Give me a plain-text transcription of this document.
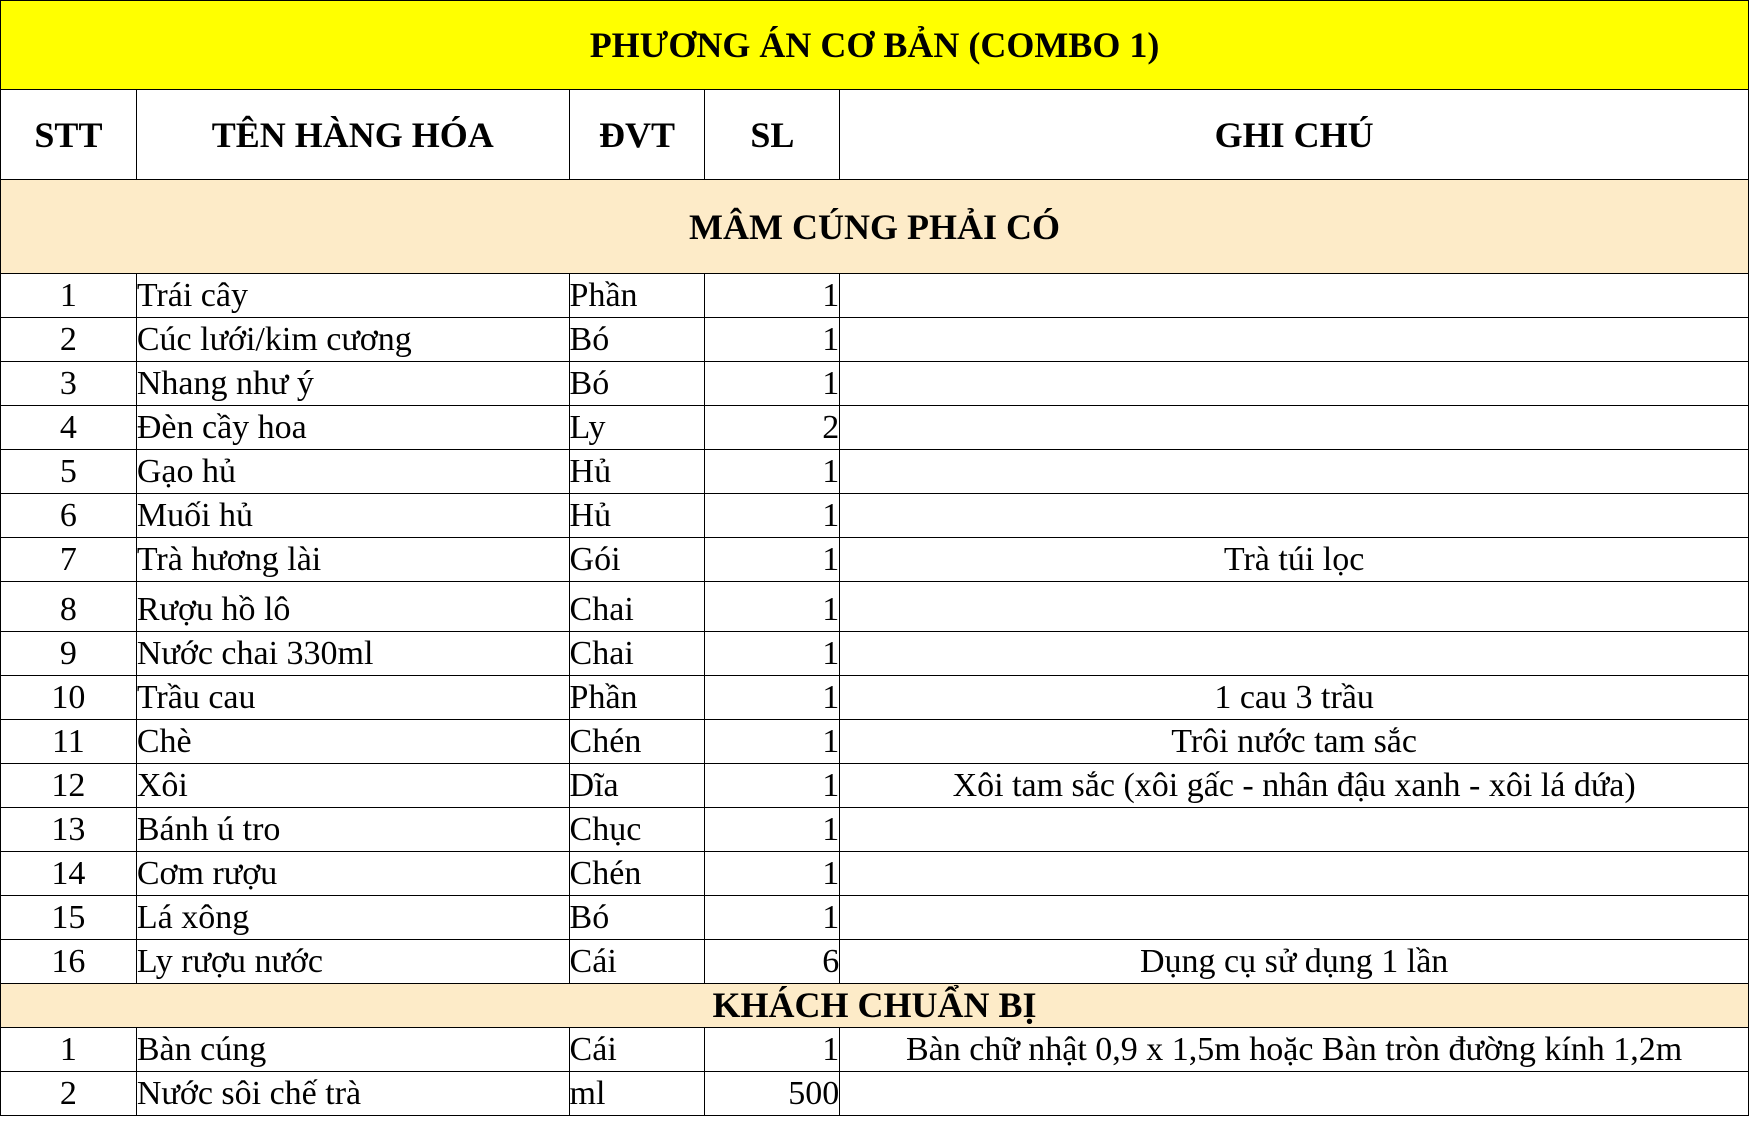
PHƯƠNG ÁN CƠ BẢN (COMBO 1)				
STT	TÊN HÀNG HÓA	ĐVT	SL	GHI CHÚ
MÂM CÚNG PHẢI CÓ				
1	Trái cây	Phần	1	
2	Cúc lưới/kim cương	Bó	1	
3	Nhang như ý	Bó	1	
4	Đèn cầy hoa	Ly	2	
5	Gạo hủ	Hủ	1	
6	Muối hủ	Hủ	1	
7	Trà hương lài	Gói	1	Trà túi lọc
8	Rượu hồ lô	Chai	1	
9	Nước chai 330ml	Chai	1	
10	Trầu cau	Phần	1	1 cau 3 trầu
11	Chè	Chén	1	Trôi nước tam sắc
12	Xôi	Dĩa	1	Xôi tam sắc (xôi gấc - nhân đậu xanh - xôi lá dứa)
13	Bánh ú tro	Chục	1	
14	Cơm rượu	Chén	1	
15	Lá xông	Bó	1	
16	Ly rượu nước	Cái	6	Dụng cụ sử dụng 1 lần
KHÁCH CHUẨN BỊ				
1	Bàn cúng	Cái	1	Bàn chữ nhật 0,9 x 1,5m hoặc Bàn tròn đường kính 1,2m
2	Nước sôi chế trà	ml	500	
